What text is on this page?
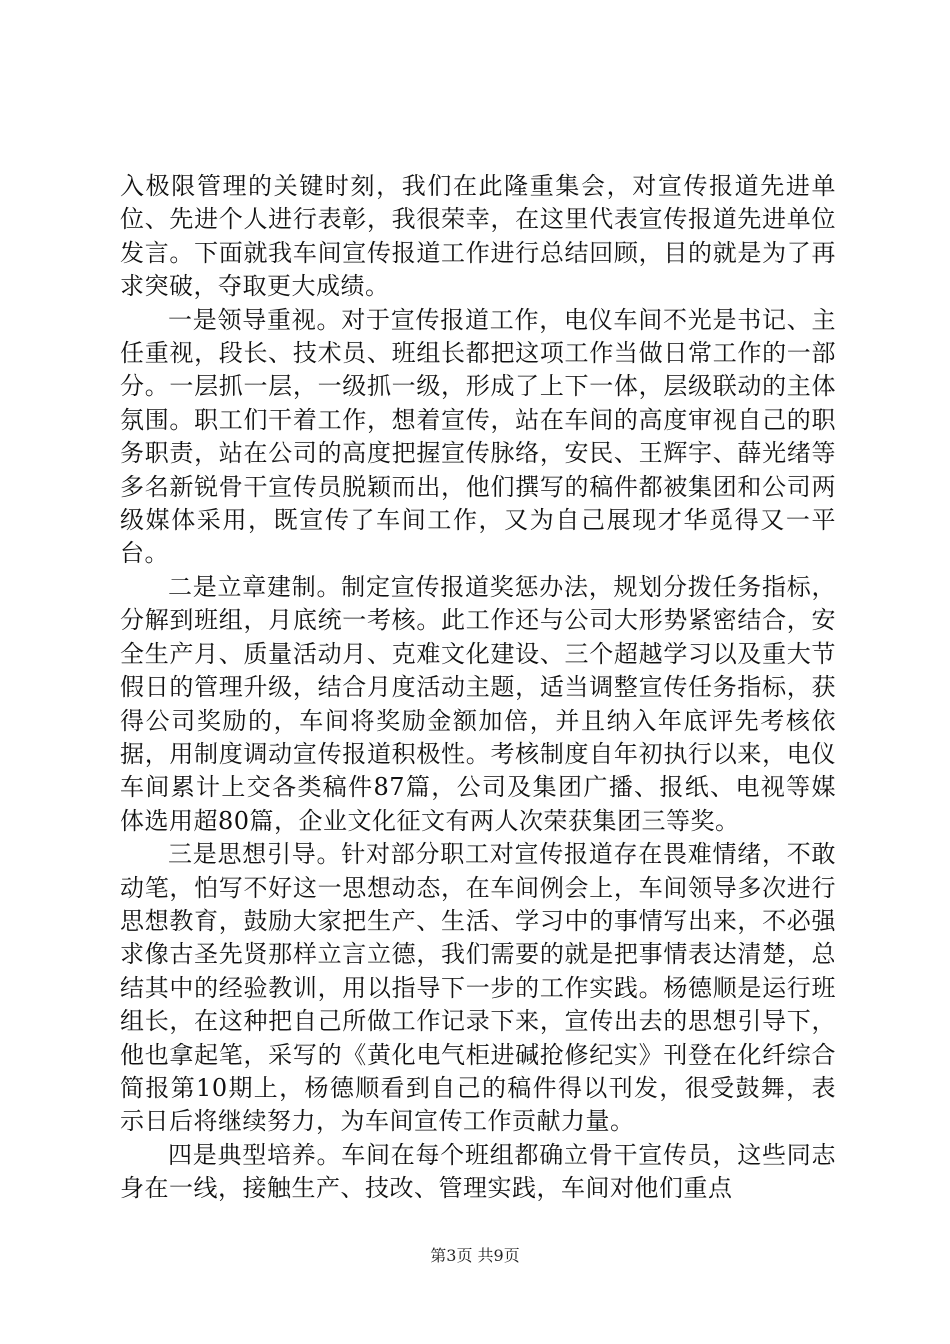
入极限管理的关键时刻，我们在此隆重集会，对宣传报道先进单位、先进个人进行表彰，我很荣幸，在这里代表宣传报道先进单位发言。下面就我车间宣传报道工作进行总结回顾，目的就是为了再求突破，夺取更大成绩。

一是领导重视。对于宣传报道工作，电仪车间不光是书记、主任重视，段长、技术员、班组长都把这项工作当做日常工作的一部分。一层抓一层，一级抓一级，形成了上下一体，层级联动的主体氛围。职工们干着工作，想着宣传，站在车间的高度审视自己的职务职责，站在公司的高度把握宣传脉络，安民、王辉宇、薛光绪等多名新锐骨干宣传员脱颖而出，他们撰写的稿件都被集团和公司两级媒体采用，既宣传了车间工作，又为自己展现才华觅得又一平台。

二是立章建制。制定宣传报道奖惩办法，规划分拨任务指标，分解到班组，月底统一考核。此工作还与公司大形势紧密结合，安全生产月、质量活动月、克难文化建设、三个超越学习以及重大节假日的管理升级，结合月度活动主题，适当调整宣传任务指标，获得公司奖励的，车间将奖励金额加倍，并且纳入年底评先考核依据，用制度调动宣传报道积极性。考核制度自年初执行以来，电仪车间累计上交各类稿件87篇，公司及集团广播、报纸、电视等媒体选用超80篇，企业文化征文有两人次荣获集团三等奖。

三是思想引导。针对部分职工对宣传报道存在畏难情绪，不敢动笔，怕写不好这一思想动态，在车间例会上，车间领导多次进行思想教育，鼓励大家把生产、生活、学习中的事情写出来，不必强求像古圣先贤那样立言立德，我们需要的就是把事情表达清楚，总结其中的经验教训，用以指导下一步的工作实践。杨德顺是运行班组长，在这种把自己所做工作记录下来，宣传出去的思想引导下，他也拿起笔，采写的《黄化电气柜进碱抢修纪实》刊登在化纤综合简报第10期上，杨德顺看到自己的稿件得以刊发，很受鼓舞，表示日后将继续努力，为车间宣传工作贡献力量。

四是典型培养。车间在每个班组都确立骨干宣传员，这些同志身在一线，接触生产、技改、管理实践，车间对他们重点

第3页 共9页
